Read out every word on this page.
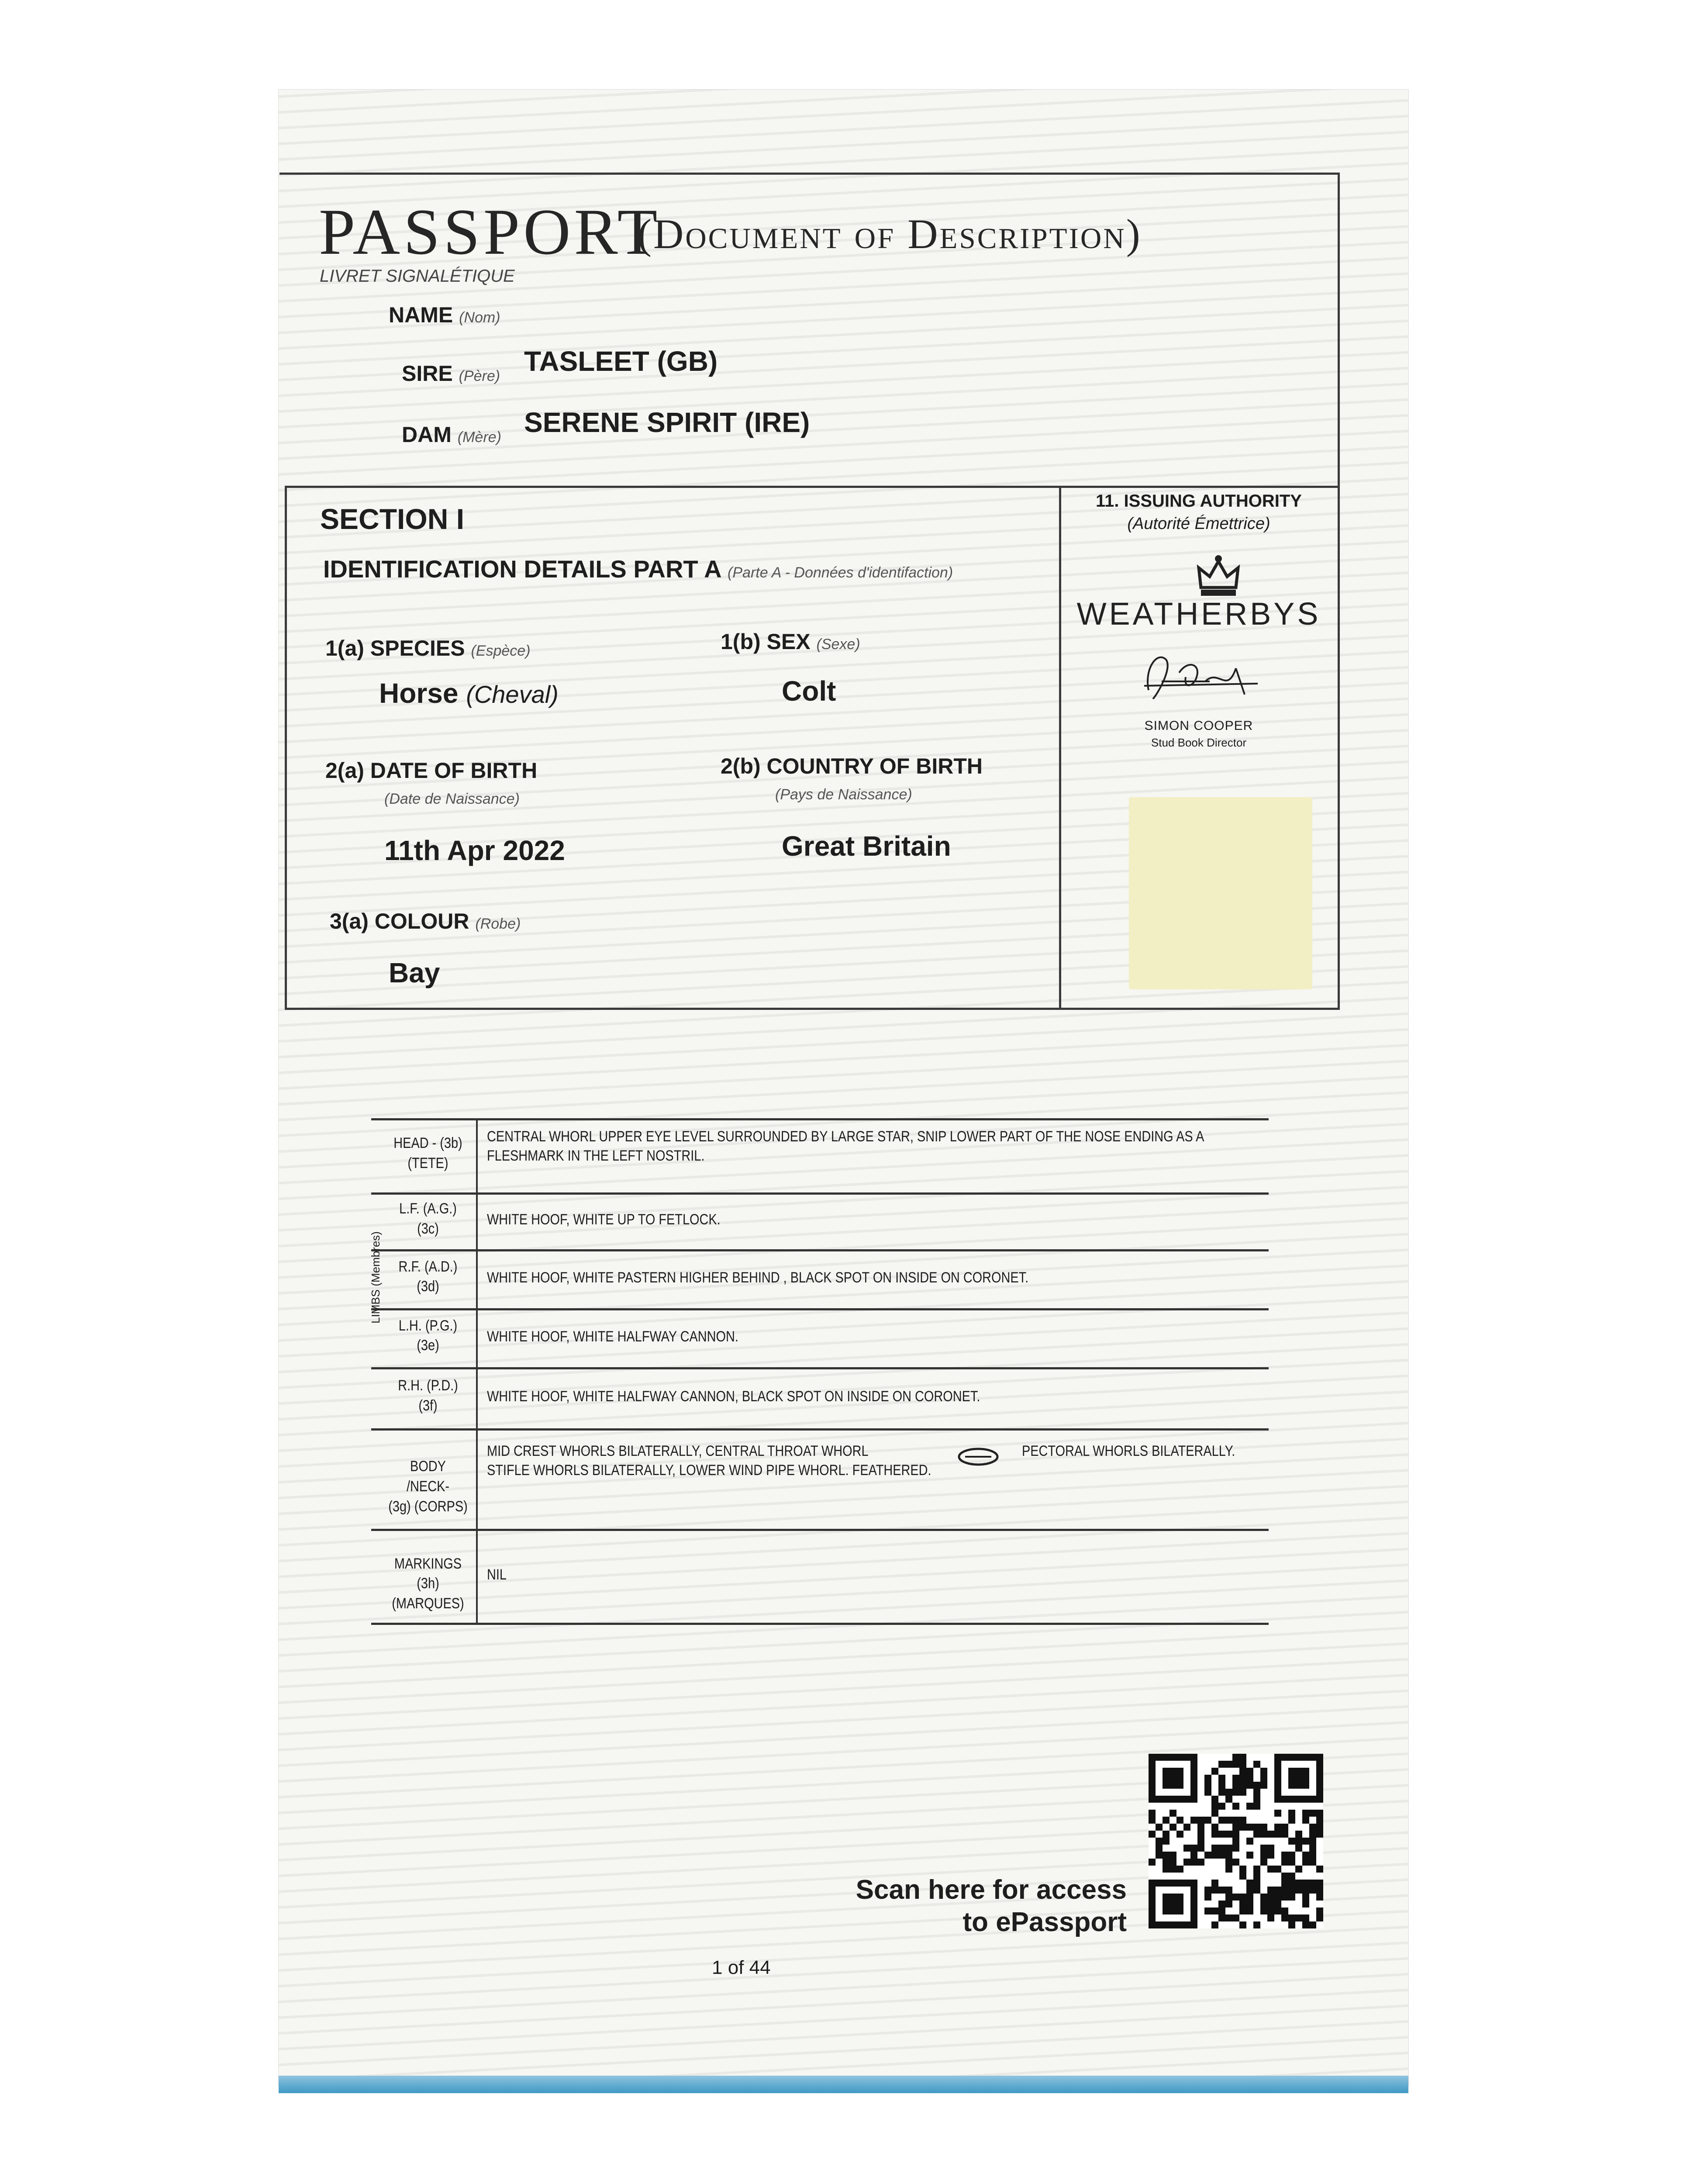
PASSPORT
(Document of Description)
LIVRET SIGNALÉTIQUE
NAME (Nom)
SIRE (Père) TASLEET (GB)
DAM (Mère) SERENE SPIRIT (IRE)
SECTION I
IDENTIFICATION DETAILS PART A (Parte A - Données d'identifaction)
1(a) SPECIES (Espèce)
Horse (Cheval)
1(b) SEX (Sexe)
Colt
2(a) DATE OF BIRTH
(Date de Naissance)
11th Apr 2022
2(b) COUNTRY OF BIRTH
(Pays de Naissance)
Great Britain
3(a) COLOUR (Robe)
Bay
11. ISSUING AUTHORITY
(Autorité Émettrice)
WEATHERBYS
SIMON COOPER
Stud Book Director
HEAD - (3b)
(TETE)
CENTRAL WHORL UPPER EYE LEVEL SURROUNDED BY LARGE STAR, SNIP LOWER PART OF THE NOSE ENDING AS A
FLESHMARK IN THE LEFT NOSTRIL.
L.F. (A.G.)
(3c)
WHITE HOOF, WHITE UP TO FETLOCK.
R.F. (A.D.)
(3d)
WHITE HOOF, WHITE PASTERN HIGHER BEHIND , BLACK SPOT ON INSIDE ON CORONET.
L.H. (P.G.)
(3e)
WHITE HOOF, WHITE HALFWAY CANNON.
R.H. (P.D.)
(3f)
WHITE HOOF, WHITE HALFWAY CANNON, BLACK SPOT ON INSIDE ON CORONET.
BODY /NECK-
(3g) (CORPS)
MID CREST WHORLS BILATERALLY, CENTRAL THROAT WHORL
STIFLE WHORLS BILATERALLY, LOWER WIND PIPE WHORL. FEATHERED.
PECTORAL WHORLS BILATERALLY.
MARKINGS (3h)
(MARQUES)
NIL
LIMBS (Membres)
Scan here for access
to ePassport
1 of 44
